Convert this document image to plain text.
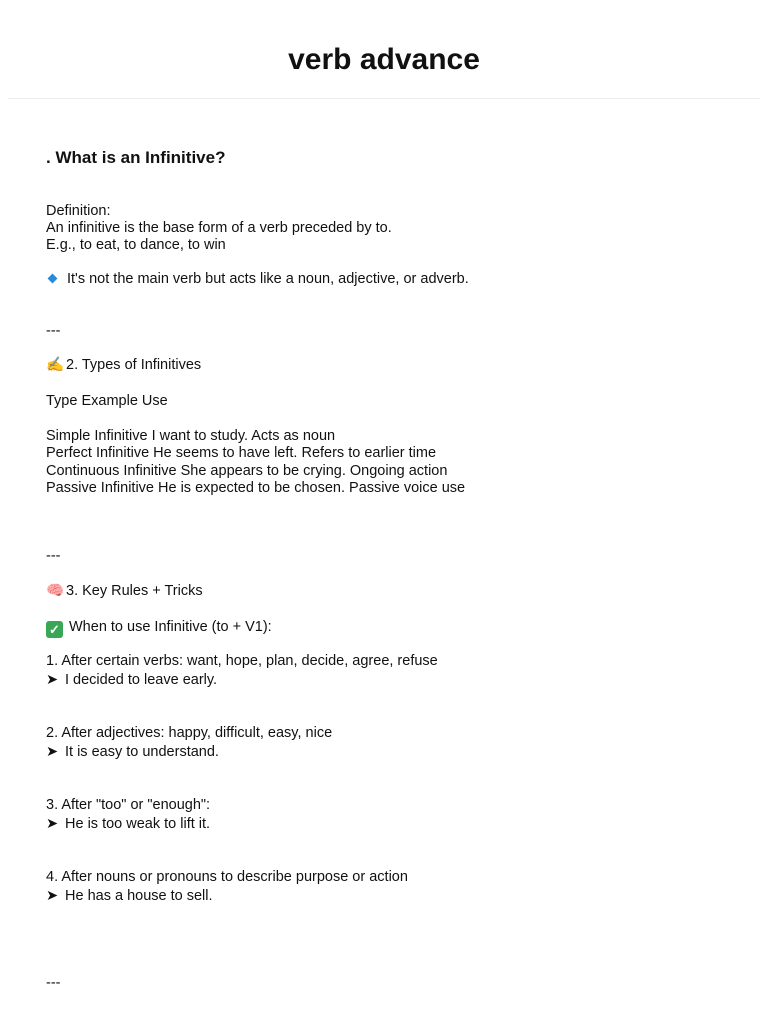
verb advance
. What is an Infinitive?
Definition:
An infinitive is the base form of a verb preceded by to.
E.g., to eat, to dance, to win
It's not the main verb but acts like a noun, adjective, or adverb.
---
✍️ 2. Types of Infinitives
Type Example Use
Simple Infinitive I want to study. Acts as noun
Perfect Infinitive He seems to have left. Refers to earlier time
Continuous Infinitive She appears to be crying. Ongoing action
Passive Infinitive He is expected to be chosen. Passive voice use
---
🧠 3. Key Rules + Tricks
✓ When to use Infinitive (to + V1):
1. After certain verbs: want, hope, plan, decide, agree, refuse
➤ I decided to leave early.
2. After adjectives: happy, difficult, easy, nice
➤ It is easy to understand.
3. After "too" or "enough":
➤ He is too weak to lift it.
4. After nouns or pronouns to describe purpose or action
➤ He has a house to sell.
---
